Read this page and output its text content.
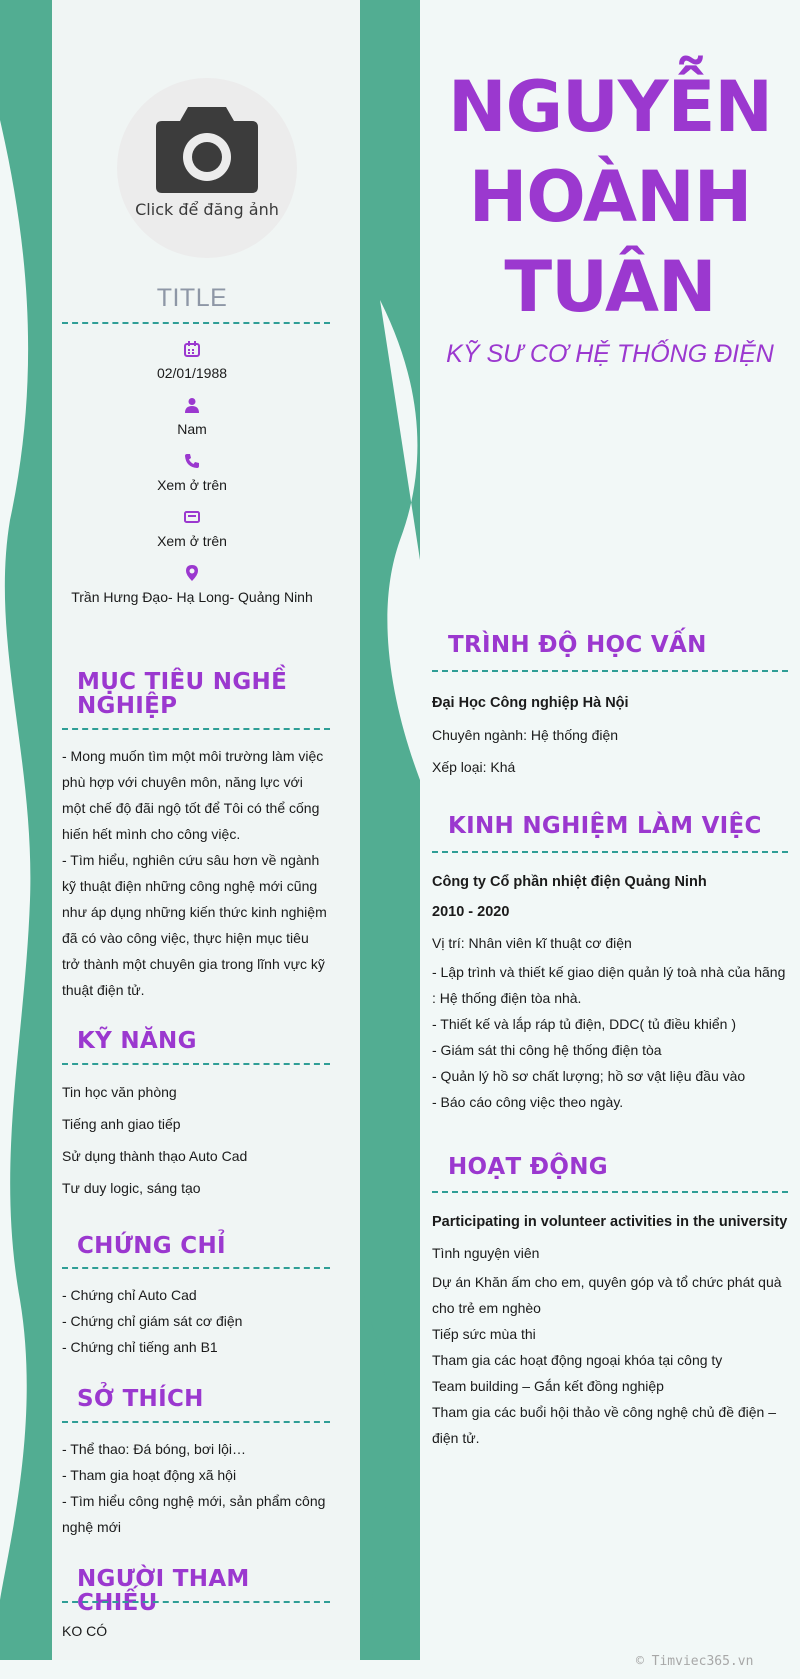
Click để đăng ảnh
TITLE
02/01/1988
Nam
Xem ở trên
Xem ở trên
Trần Hưng Đạo- Hạ Long- Quảng Ninh
MỤC TIÊU NGHỀ NGHIỆP

- Mong muốn tìm một môi trường làm việc phù hợp với chuyên môn, năng lực với một chế độ đãi ngộ tốt để Tôi có thể cống hiến hết mình cho công việc.

- Tìm hiểu, nghiên cứu sâu hơn về ngành kỹ thuật điện những công nghệ mới cũng như áp dụng những kiến thức kinh nghiệm đã có vào công việc, thực hiện mục tiêu trở thành một chuyên gia trong lĩnh vực kỹ thuật điện tử.

KỸ NĂNG
Tin học văn phòng
Tiếng anh giao tiếp
Sử dụng thành thạo Auto Cad
Tư duy logic, sáng tạo
CHỨNG CHỈ

- Chứng chỉ Auto Cad

- Chứng chỉ giám sát cơ điện

- Chứng chỉ tiếng anh B1

SỞ THÍCH

- Thể thao: Đá bóng, bơi lội…

- Tham gia hoạt động xã hội

- Tìm hiểu công nghệ mới, sản phẩm công nghệ mới

NGƯỜI THAM CHIẾU
KO CÓ
NGUYỄN
HOÀNH
TUÂN
KỸ SƯ CƠ HỆ THỐNG ĐIỆN
TRÌNH ĐỘ HỌC VẤN

Đại Học Công nghiệp Hà Nội

Chuyên ngành: Hệ thống điện

Xếp loại: Khá

KINH NGHIỆM LÀM VIỆC

Công ty Cổ phần nhiệt điện Quảng Ninh

2010 - 2020

Vị trí: Nhân viên kĩ thuật cơ điện

- Lập trình và thiết kế giao diện quản lý toà nhà của hãng : Hệ thống điện tòa nhà.

- Thiết kế và lắp ráp tủ điện, DDC( tủ điều khiển )

- Giám sát thi công hệ thống điện tòa

- Quản lý hồ sơ chất lượng; hồ sơ vật liệu đầu vào

- Báo cáo công việc theo ngày.

HOẠT ĐỘNG

Participating in volunteer activities in the university

Tình nguyện viên

Dự án Khăn ấm cho em, quyên góp và tổ chức phát quà cho trẻ em nghèo

Tiếp sức mùa thi

Tham gia các hoạt động ngoại khóa tại công ty

Team building – Gắn kết đồng nghiệp

Tham gia các buổi hội thảo về công nghệ chủ đề điện – điện tử.

© Timviec365.vn
